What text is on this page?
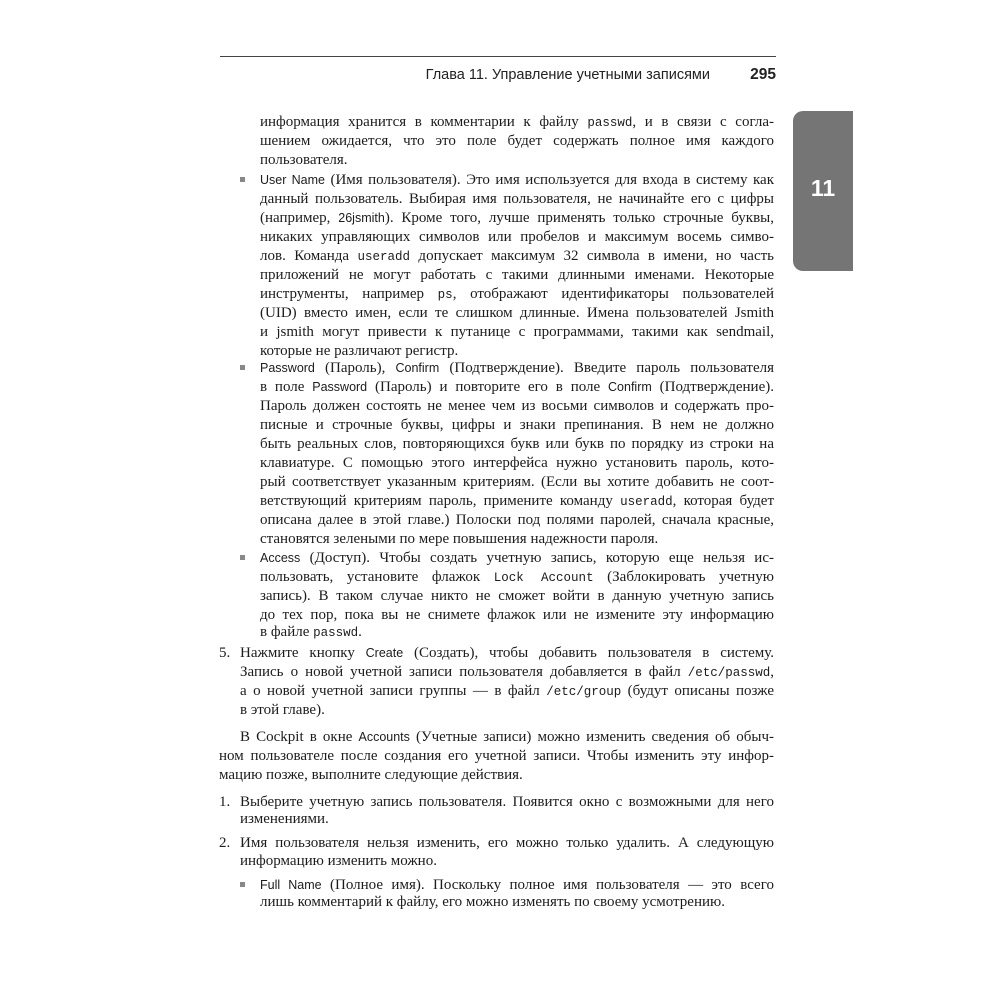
Глава 11. Управление учетными записями	295
11
информация хранится в комментарии к файлу passwd, и в связи с согла-
шением ожидается, что это поле будет содержать полное имя каждого
пользователя.
User Name (Имя пользователя). Это имя используется для входа в систему как
данный пользователь. Выбирая имя пользователя, не начинайте его с цифры
(например, 26jsmith). Кроме того, лучше применять только строчные буквы,
никаких управляющих символов или пробелов и максимум восемь симво-
лов. Команда useradd допускает максимум 32 символа в имени, но часть
приложений не могут работать с такими длинными именами. Некоторые
инструменты, например ps, отображают идентификаторы пользователей
(UID) вместо имен, если те слишком длинные. Имена пользователей Jsmith
и jsmith могут привести к путанице с программами, такими как sendmail,
которые не различают регистр.
Password (Пароль), Confirm (Подтверждение). Введите пароль пользователя
в поле Password (Пароль) и повторите его в поле Confirm (Подтверждение).
Пароль должен состоять не менее чем из восьми символов и содержать про-
писные и строчные буквы, цифры и знаки препинания. В нем не должно
быть реальных слов, повторяющихся букв или букв по порядку из строки на
клавиатуре. С помощью этого интерфейса нужно установить пароль, кото-
рый соответствует указанным критериям. (Если вы хотите добавить не соот-
ветствующий критериям пароль, примените команду useradd, которая будет
описана далее в этой главе.) Полоски под полями паролей, сначала красные,
становятся зелеными по мере повышения надежности пароля.
Access (Доступ). Чтобы создать учетную запись, которую еще нельзя ис-
пользовать, установите флажок Lock Account (Заблокировать учетную
запись). В таком случае никто не сможет войти в данную учетную запись
до тех пор, пока вы не снимете флажок или не измените эту информацию
в файле passwd.
Нажмите кнопку Create (Создать), чтобы добавить пользователя в систему.
Запись о новой учетной записи пользователя добавляется в файл /etc/passwd,
а о новой учетной записи группы — в файл /etc/group (будут описаны позже
в этой главе).
В Cockpit в окне Accounts (Учетные записи) можно изменить сведения об обыч-
ном пользователе после создания его учетной записи. Чтобы изменить эту инфор-
мацию позже, выполните следующие действия.
Выберите учетную запись пользователя. Появится окно с возможными для него
изменениями.
Имя пользователя нельзя изменить, его можно только удалить. А следующую
информацию изменить можно.
Full Name (Полное имя). Поскольку полное имя пользователя — это всего
лишь комментарий к файлу, его можно изменять по своему усмотрению.
5.
1.
2.
